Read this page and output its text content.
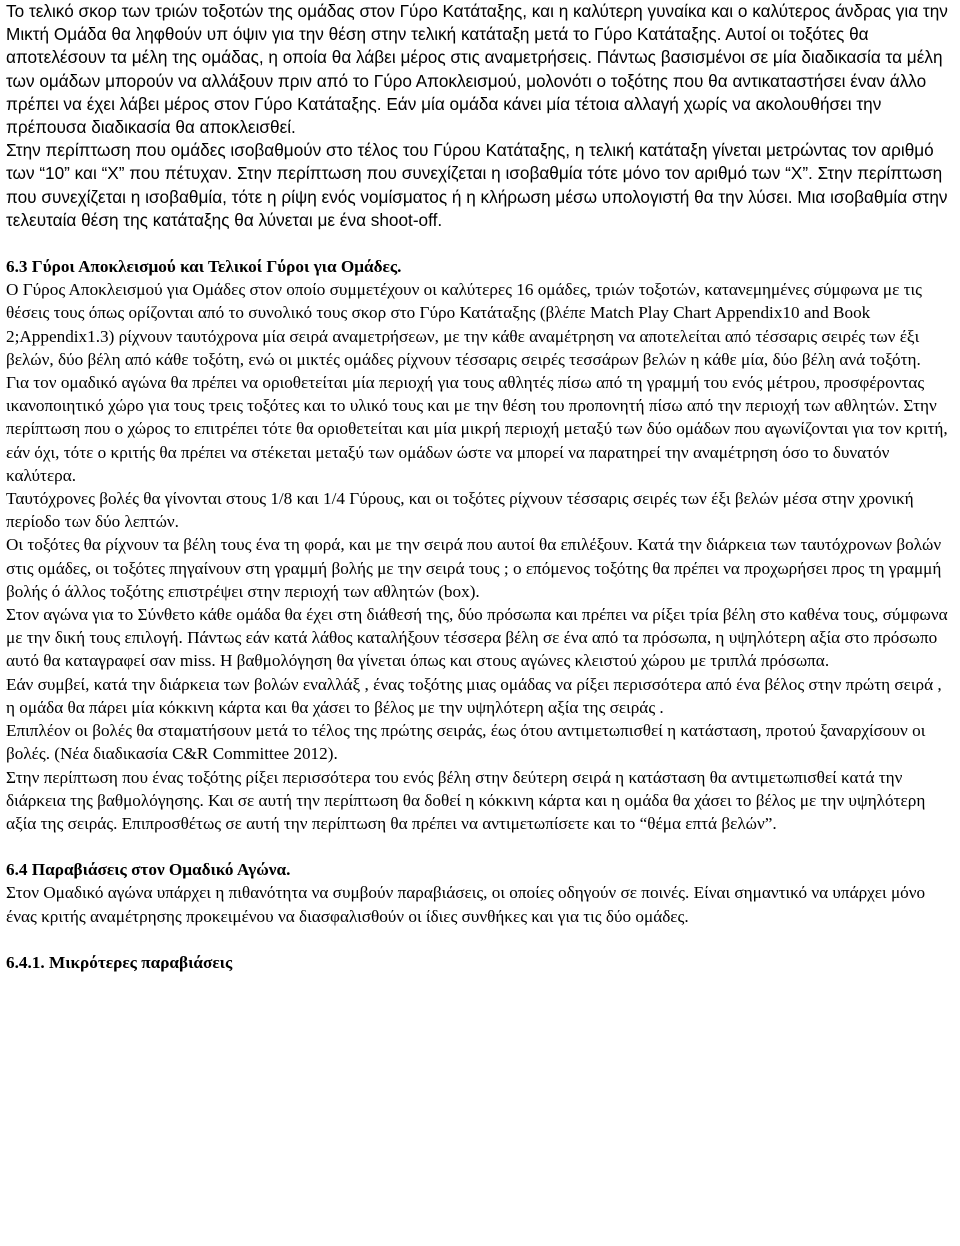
Το τελικό σκορ των τριών τοξοτών της ομάδας στον Γύρο Κατάταξης, και η καλύτερη γυναίκα και ο καλύτερος άνδρας για την Μικτή Ομάδα θα ληφθούν υπ όψιν για την θέση στην τελική κατάταξη μετά το Γύρο Κατάταξης. Αυτοί οι τοξότες θα αποτελέσουν τα μέλη της ομάδας, η οποία θα λάβει μέρος στις αναμετρήσεις. Πάντως βασισμένοι σε μία διαδικασία τα μέλη των ομάδων μπορούν να αλλάξουν πριν από το Γύρο Αποκλεισμού, μολονότι ο τοξότης που θα αντικαταστήσει έναν άλλο πρέπει να έχει λάβει μέρος στον Γύρο Κατάταξης. Εάν μία ομάδα κάνει μία τέτοια αλλαγή χωρίς να ακολουθήσει την πρέπουσα διαδικασία θα αποκλεισθεί.

Στην περίπτωση που ομάδες ισοβαθμούν στο τέλος του Γύρου Κατάταξης, η τελική κατάταξη γίνεται μετρώντας τον αριθμό των “10” και “X” που πέτυχαν. Στην περίπτωση που συνεχίζεται η ισοβαθμία τότε μόνο τον αριθμό των “X”. Στην περίπτωση που συνεχίζεται η ισοβαθμία, τότε η ρίψη ενός νομίσματος ή η κλήρωση μέσω υπολογιστή θα την λύσει. Μια ισοβαθμία στην τελευταία θέση της κατάταξης θα λύνεται με ένα shoot-off.

6.3 Γύροι Αποκλεισμού και Τελικοί Γύροι για Ομάδες.

Ο Γύρος Αποκλεισμού για Ομάδες στον οποίο συμμετέχουν οι καλύτερες 16 ομάδες, τριών τοξοτών, κατανεμημένες σύμφωνα με τις θέσεις τους όπως ορίζονται από το συνολικό τους σκορ στο Γύρο Κατάταξης (βλέπε Match Play Chart Appendix10 and Book 2;Appendix1.3) ρίχνουν ταυτόχρονα μία σειρά αναμετρήσεων, με την κάθε αναμέτρηση να αποτελείται από τέσσαρις σειρές των έξι βελών, δύο βέλη από κάθε τοξότη, ενώ οι μικτές ομάδες ρίχνουν τέσσαρις σειρές τεσσάρων βελών η κάθε μία, δύο βέλη ανά τοξότη.

Για τον ομαδικό αγώνα θα πρέπει να οριοθετείται μία περιοχή για τους αθλητές πίσω από τη γραμμή του ενός μέτρου, προσφέροντας ικανοποιητικό χώρο για τους τρεις τοξότες και το υλικό τους και με την θέση του προπονητή πίσω από την περιοχή των αθλητών. Στην περίπτωση που ο χώρος το επιτρέπει τότε θα οριοθετείται και μία μικρή περιοχή μεταξύ των δύο ομάδων που αγωνίζονται για τον κριτή, εάν όχι, τότε ο κριτής θα πρέπει να στέκεται μεταξύ των ομάδων ώστε να μπορεί να παρατηρεί την αναμέτρηση όσο το δυνατόν καλύτερα.

Ταυτόχρονες βολές θα γίνονται στους 1/8 και 1/4 Γύρους, και οι τοξότες ρίχνουν τέσσαρις σειρές των έξι βελών μέσα στην χρονική περίοδο των δύο λεπτών.

Οι τοξότες θα ρίχνουν τα βέλη τους ένα τη φορά, και με την σειρά που αυτοί θα επιλέξουν. Κατά την διάρκεια των ταυτόχρονων βολών στις ομάδες, οι τοξότες πηγαίνουν στη γραμμή βολής με την σειρά τους ; ο επόμενος τοξότης θα πρέπει να προχωρήσει προς τη γραμμή βολής ό άλλος τοξότης επιστρέψει στην περιοχή των αθλητών (box).

Στον αγώνα για το Σύνθετο κάθε ομάδα θα έχει στη διάθεσή της, δύο πρόσωπα και πρέπει να ρίξει τρία βέλη στο καθένα τους, σύμφωνα με την δική τους επιλογή. Πάντως εάν κατά λάθος καταλήξουν τέσσερα βέλη σε ένα από τα πρόσωπα, η υψηλότερη αξία στο πρόσωπο αυτό θα καταγραφεί σαν miss. Η βαθμολόγηση θα γίνεται όπως και στους αγώνες κλειστού χώρου με τριπλά πρόσωπα.

Εάν συμβεί, κατά την διάρκεια των βολών εναλλάξ , ένας τοξότης μιας ομάδας να ρίξει περισσότερα από ένα βέλος στην πρώτη σειρά , η ομάδα θα πάρει μία κόκκινη κάρτα και θα χάσει το βέλος με την υψηλότερη αξία της σειράς .

Επιπλέον οι βολές θα σταματήσουν μετά το τέλος της πρώτης σειράς, έως ότου αντιμετωπισθεί η κατάσταση, προτού ξαναρχίσουν οι βολές. (Νέα διαδικασία C&R Committee 2012).

Στην περίπτωση που ένας τοξότης ρίξει περισσότερα του ενός βέλη στην δεύτερη σειρά η κατάσταση θα αντιμετωπισθεί κατά την διάρκεια της βαθμολόγησης. Και σε αυτή την περίπτωση θα δοθεί η κόκκινη κάρτα και η ομάδα θα χάσει το βέλος με την υψηλότερη αξία της σειράς. Επιπροσθέτως σε αυτή την περίπτωση θα πρέπει να αντιμετωπίσετε και το “θέμα επτά βελών”.

6.4 Παραβιάσεις στον Ομαδικό Αγώνα.

Στον Ομαδικό αγώνα υπάρχει η πιθανότητα να συμβούν παραβιάσεις, οι οποίες οδηγούν σε ποινές. Είναι σημαντικό να υπάρχει μόνο ένας κριτής αναμέτρησης προκειμένου να διασφαλισθούν οι ίδιες συνθήκες και για τις δύο ομάδες.

6.4.1. Μικρότερες παραβιάσεις
